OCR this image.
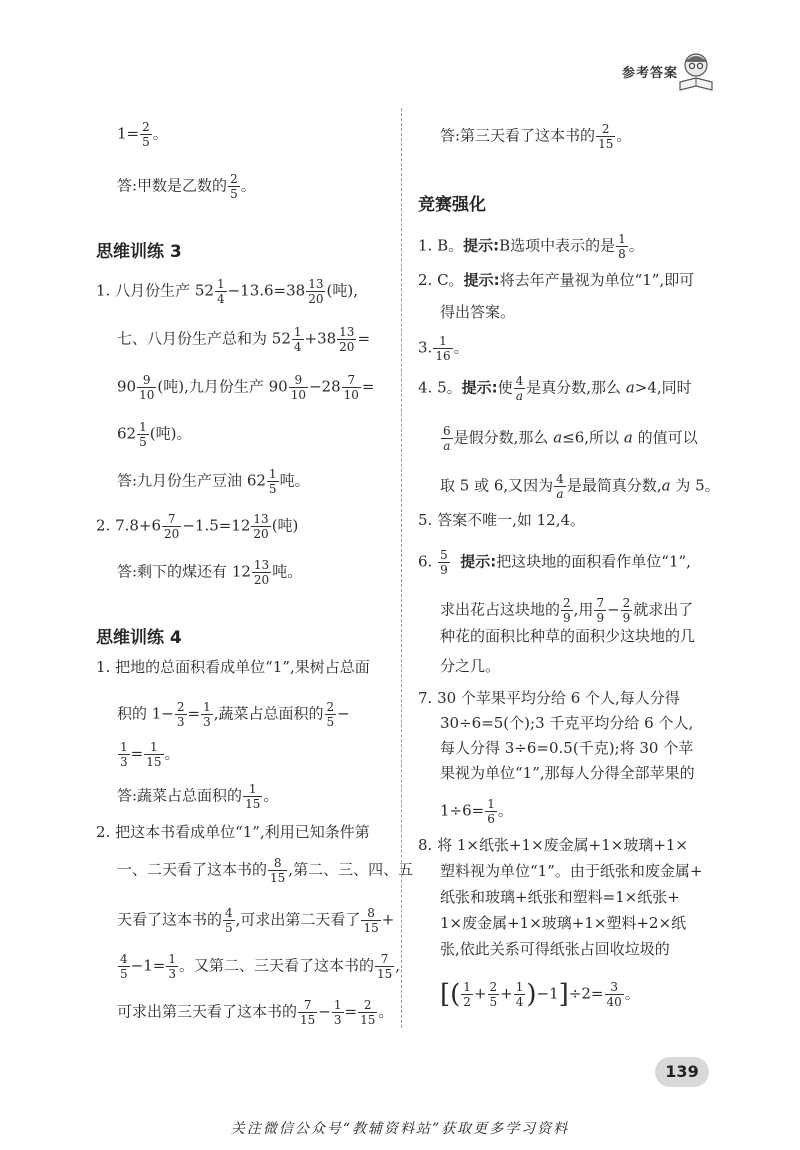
参考答案
$1= \frac{2}{5}$ 。
答:甲数是乙数的 $\frac{2}{5}$ 。
思维训练 3
1. 八月份生产 $52 \frac{1}{4} -13.6=38 \frac{13}{20}$ (吨),
七、八月份生产总和为 $52 \frac{1}{4} +38 \frac{13}{20}$ =
$90 \frac{9}{10}$ (吨),九月份生产 $90 \frac{9}{10} -28 \frac{7}{10}$ =
$62 \frac{1}{5}$ (吨)。
答:九月份生产豆油 $62 \frac{1}{5}$ 吨。
2. $7.8+6 \frac{7}{20} -1.5=12 \frac{13}{20}$ (吨)
答:剩下的煤还有 $12 \frac{13}{20}$ 吨。
思维训练 4
1. 把地的总面积看成单位“1”,果树占总面
积的 $1- \frac{2}{3} = \frac{1}{3}$ ,蔬菜占总面积的 $\frac{2}{5}$ −
$\frac{1}{3} = \frac{1}{15}$ 。
答:蔬菜占总面积的 $\frac{1}{15}$ 。
2. 把这本书看成单位“1”,利用已知条件第
一、二天看了这本书的 $\frac{8}{15}$ ,第二、三、四、五
天看了这本书的 $\frac{4}{5}$ ,可求出第二天看了 $\frac{8}{15}$ +
$\frac{4}{5} -1= \frac{1}{3}$ 。又第二、三天看了这本书的 $\frac{7}{15}$ ,
可求出第三天看了这本书的 $\frac{7}{15} - \frac{1}{3} = \frac{2}{15}$ 。
答:第三天看了这本书的 $\frac{2}{15}$ 。
竞赛强化
1. B。提示:B选项中表示的是 $\frac{1}{8}$ 。
2. C。提示:将去年产量视为单位“1”,即可
得出答案。
3. $\frac{1}{16}$ 。
4. 5。提示:使 $\frac{4}{a}$ 是真分数,那么 a>4,同时
$\frac{6}{a}$ 是假分数,那么 a≤6,所以 a 的值可以
取 5 或 6,又因为 $\frac{4}{a}$ 是最简真分数,a 为 5。
5. 答案不唯一,如 12,4。
6. $\frac{5}{9}$ 提示:把这块地的面积看作单位“1”,
求出花占这块地的 $\frac{2}{9}$ ,用 $\frac{7}{9} - \frac{2}{9}$ 就求出了
种花的面积比种草的面积少这块地的几
分之几。
7. 30 个苹果平均分给 6 个人,每人分得
30÷6=5(个);3 千克平均分给 6 个人,
每人分得 3÷6=0.5(千克);将 30 个苹
果视为单位“1”,那每人分得全部苹果的
$1\div 6= \frac{1}{6}$ 。
8. 将 1×纸张+1×废金属+1×玻璃+1×
塑料视为单位“1”。由于纸张和废金属+
纸张和玻璃+纸张和塑料=1×纸张+
1×废金属+1×玻璃+1×塑料+2×纸
张,依此关系可得纸张占回收垃圾的
[( $\frac{1}{2} + \frac{2}{5} + \frac{1}{4} )-1]\div 2= \frac{3}{40}$ 。
139
关注微信公众号“教辅资料站”获取更多学习资料
